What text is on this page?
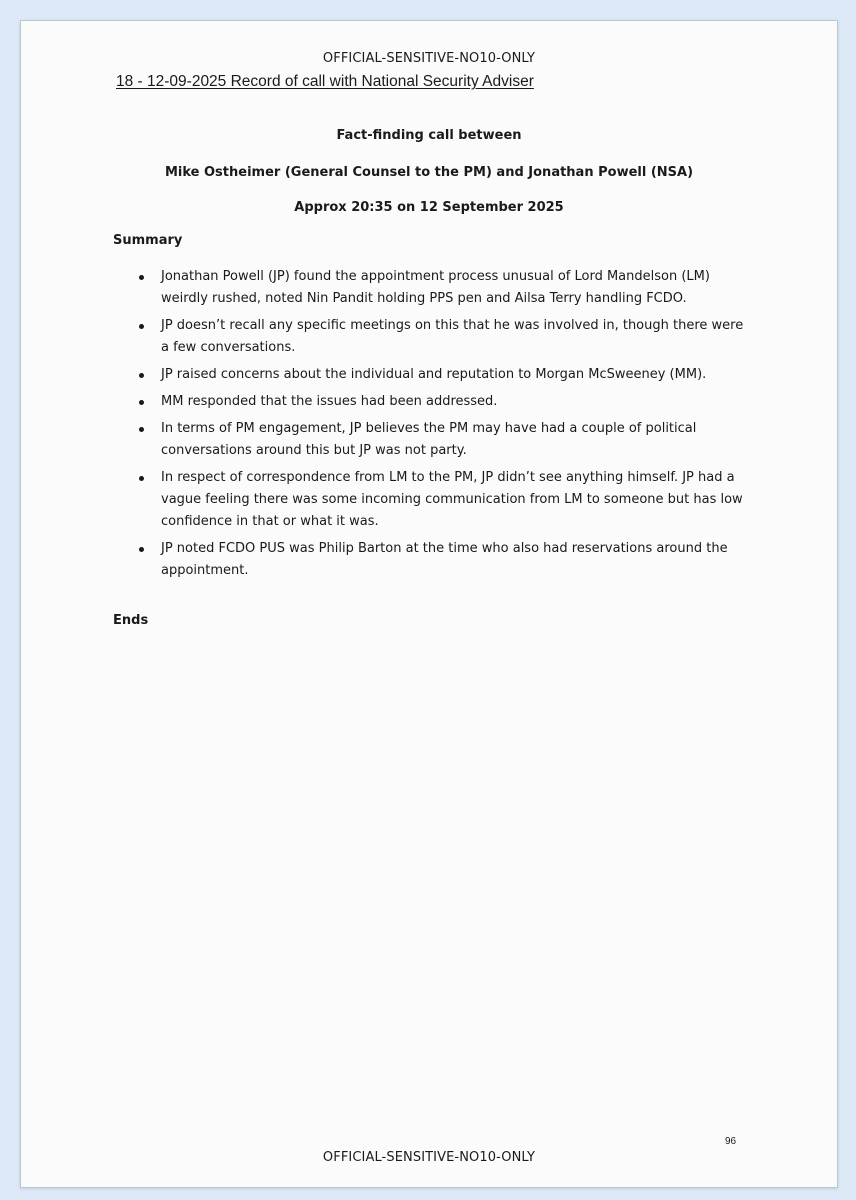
OFFICIAL-SENSITIVE-NO10-ONLY
18 - 12-09-2025 Record of call with National Security Adviser
Fact-finding call between
Mike Ostheimer (General Counsel to the PM) and Jonathan Powell (NSA)
Approx 20:35 on 12 September 2025
Summary
Jonathan Powell (JP) found the appointment process unusual of Lord Mandelson (LM) weirdly rushed, noted Nin Pandit holding PPS pen and Ailsa Terry handling FCDO.
JP doesn’t recall any specific meetings on this that he was involved in, though there were a few conversations.
JP raised concerns about the individual and reputation to Morgan McSweeney (MM).
MM responded that the issues had been addressed.
In terms of PM engagement, JP believes the PM may have had a couple of political conversations around this but JP was not party.
In respect of correspondence from LM to the PM, JP didn’t see anything himself. JP had a vague feeling there was some incoming communication from LM to someone but has low confidence in that or what it was.
JP noted FCDO PUS was Philip Barton at the time who also had reservations around the appointment.
Ends
96
OFFICIAL-SENSITIVE-NO10-ONLY
